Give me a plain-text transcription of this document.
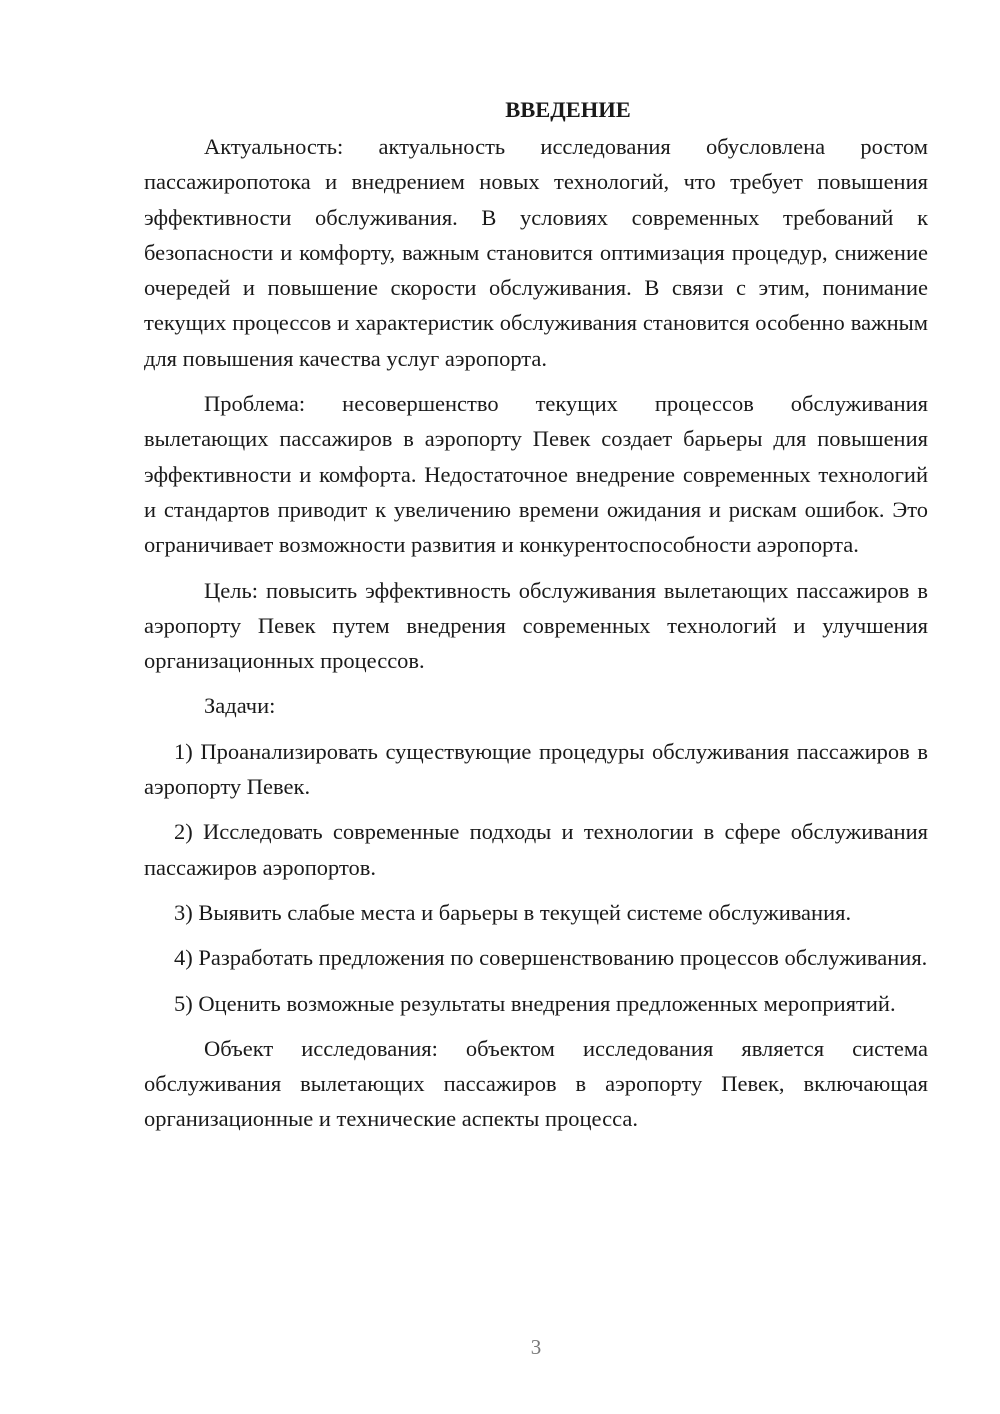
ВВЕДЕНИЕ

Актуальность: актуальность исследования обусловлена ростом пассажиропотока и внедрением новых технологий, что требует повышения эффективности обслуживания. В условиях современных требований к безопасности и комфорту, важным становится оптимизация процедур, снижение очередей и повышение скорости обслуживания. В связи с этим, понимание текущих процессов и характеристик обслуживания становится особенно важным для повышения качества услуг аэропорта.

Проблема: несовершенство текущих процессов обслуживания вылетающих пассажиров в аэропорту Певек создает барьеры для повышения эффективности и комфорта. Недостаточное внедрение современных технологий и стандартов приводит к увеличению времени ожидания и рискам ошибок. Это ограничивает возможности развития и конкурентоспособности аэропорта.

Цель: повысить эффективность обслуживания вылетающих пассажиров в аэропорту Певек путем внедрения современных технологий и улучшения организационных процессов.

Задачи:

1) Проанализировать существующие процедуры обслуживания пассажиров в аэропорту Певек.

2) Исследовать современные подходы и технологии в сфере обслуживания пассажиров аэропортов.

3) Выявить слабые места и барьеры в текущей системе обслуживания.

4) Разработать предложения по совершенствованию процессов обслуживания.

5) Оценить возможные результаты внедрения предложенных мероприятий.

Объект исследования: объектом исследования является система обслуживания вылетающих пассажиров в аэропорту Певек, включающая организационные и технические аспекты процесса.

3
